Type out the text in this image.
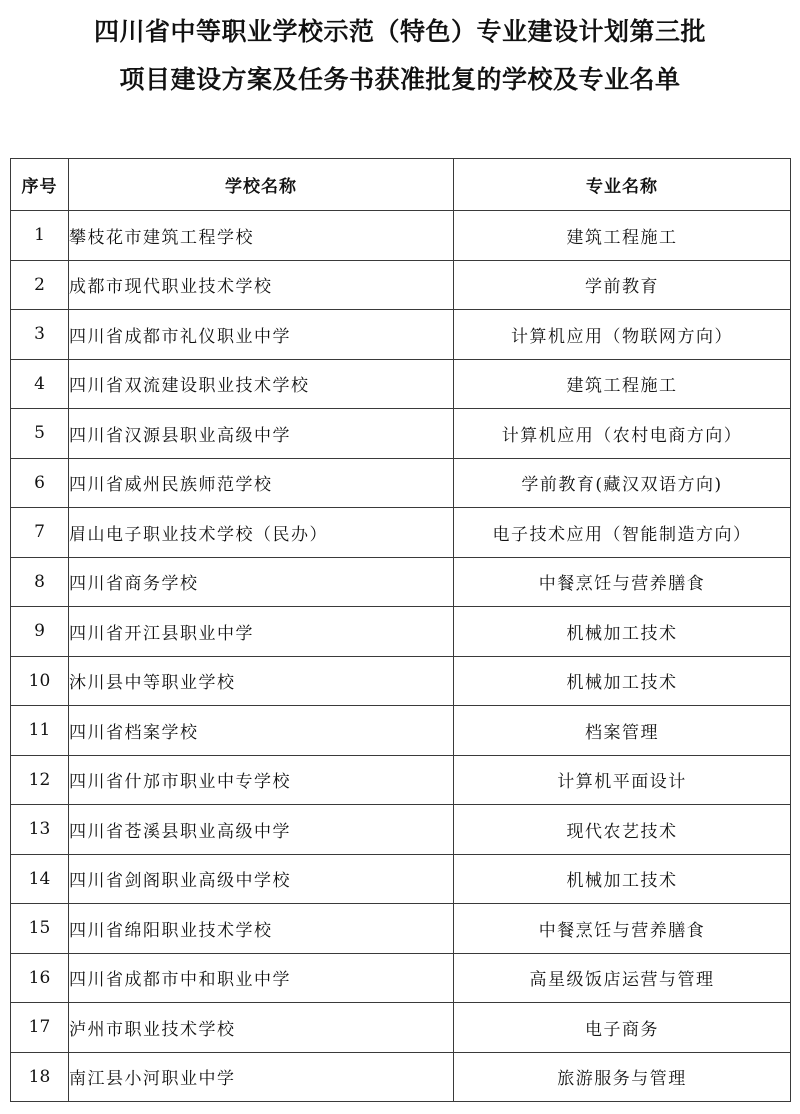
四川省中等职业学校示范（特色）专业建设计划第三批
项目建设方案及任务书获准批复的学校及专业名单
序号	学校名称	专业名称
1	攀枝花市建筑工程学校	建筑工程施工
2	成都市现代职业技术学校	学前教育
3	四川省成都市礼仪职业中学	计算机应用（物联网方向）
4	四川省双流建设职业技术学校	建筑工程施工
5	四川省汉源县职业高级中学	计算机应用（农村电商方向）
6	四川省威州民族师范学校	学前教育(藏汉双语方向)
7	眉山电子职业技术学校（民办）	电子技术应用（智能制造方向）
8	四川省商务学校	中餐烹饪与营养膳食
9	四川省开江县职业中学	机械加工技术
10	沐川县中等职业学校	机械加工技术
11	四川省档案学校	档案管理
12	四川省什邡市职业中专学校	计算机平面设计
13	四川省苍溪县职业高级中学	现代农艺技术
14	四川省剑阁职业高级中学校	机械加工技术
15	四川省绵阳职业技术学校	中餐烹饪与营养膳食
16	四川省成都市中和职业中学	高星级饭店运营与管理
17	泸州市职业技术学校	电子商务
18	南江县小河职业中学	旅游服务与管理
